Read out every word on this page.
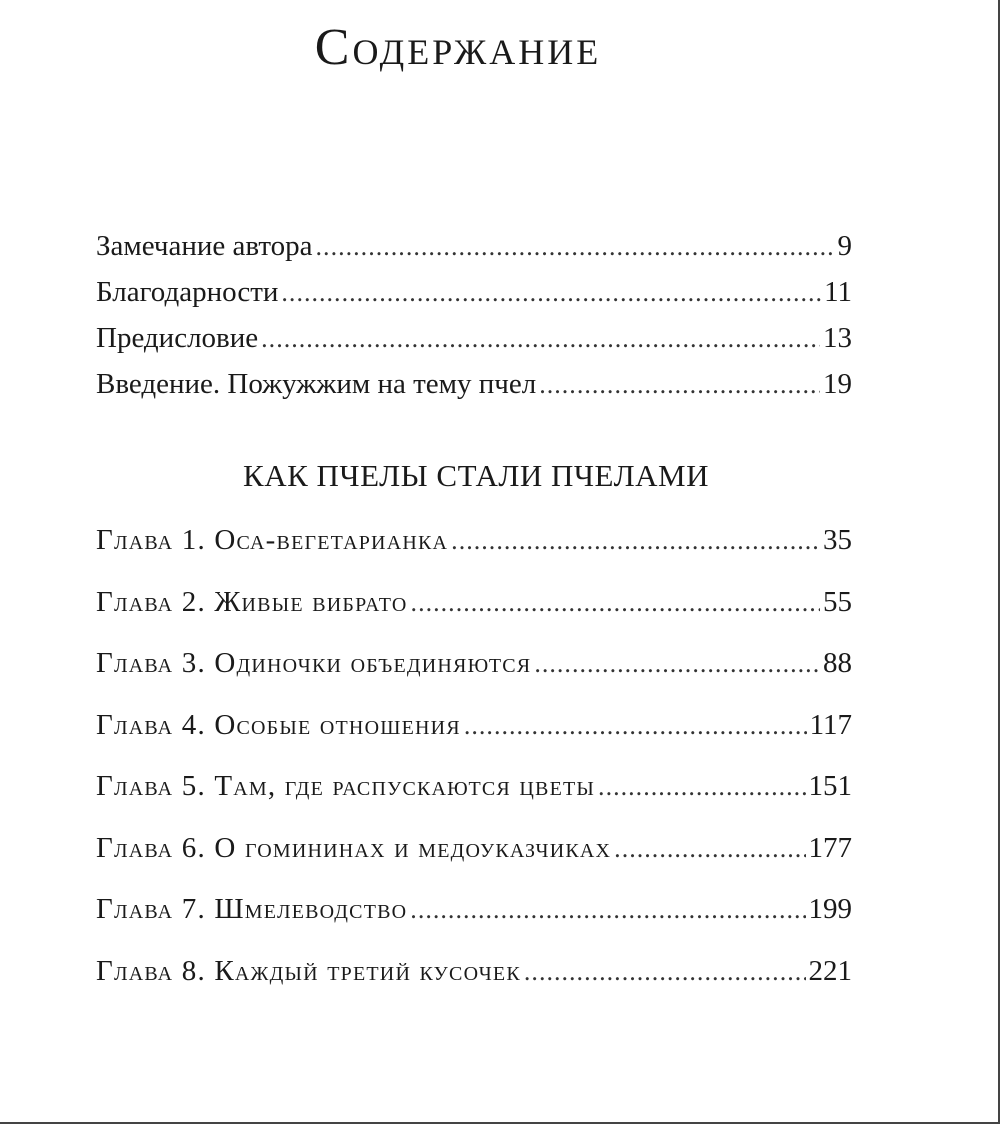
Содержание
Замечание автора .....	9
Благодарности .....	11
Предисловие .....	13
Введение. Пожужжим на тему пчел .....	19
КАК ПЧЕЛЫ СТАЛИ ПЧЕЛАМИ
Глава 1. Оса-вегетарианка .....	35
Глава 2. Живые вибрато .....	55
Глава 3. Одиночки объединяются .....	88
Глава 4. Особые отношения .....	117
Глава 5. Там, где распускаются цветы .....	151
Глава 6. О гомининах и медоуказчиках .....	177
Глава 7. Шмелеводство .....	199
Глава 8. Каждый третий кусочек .....	221
